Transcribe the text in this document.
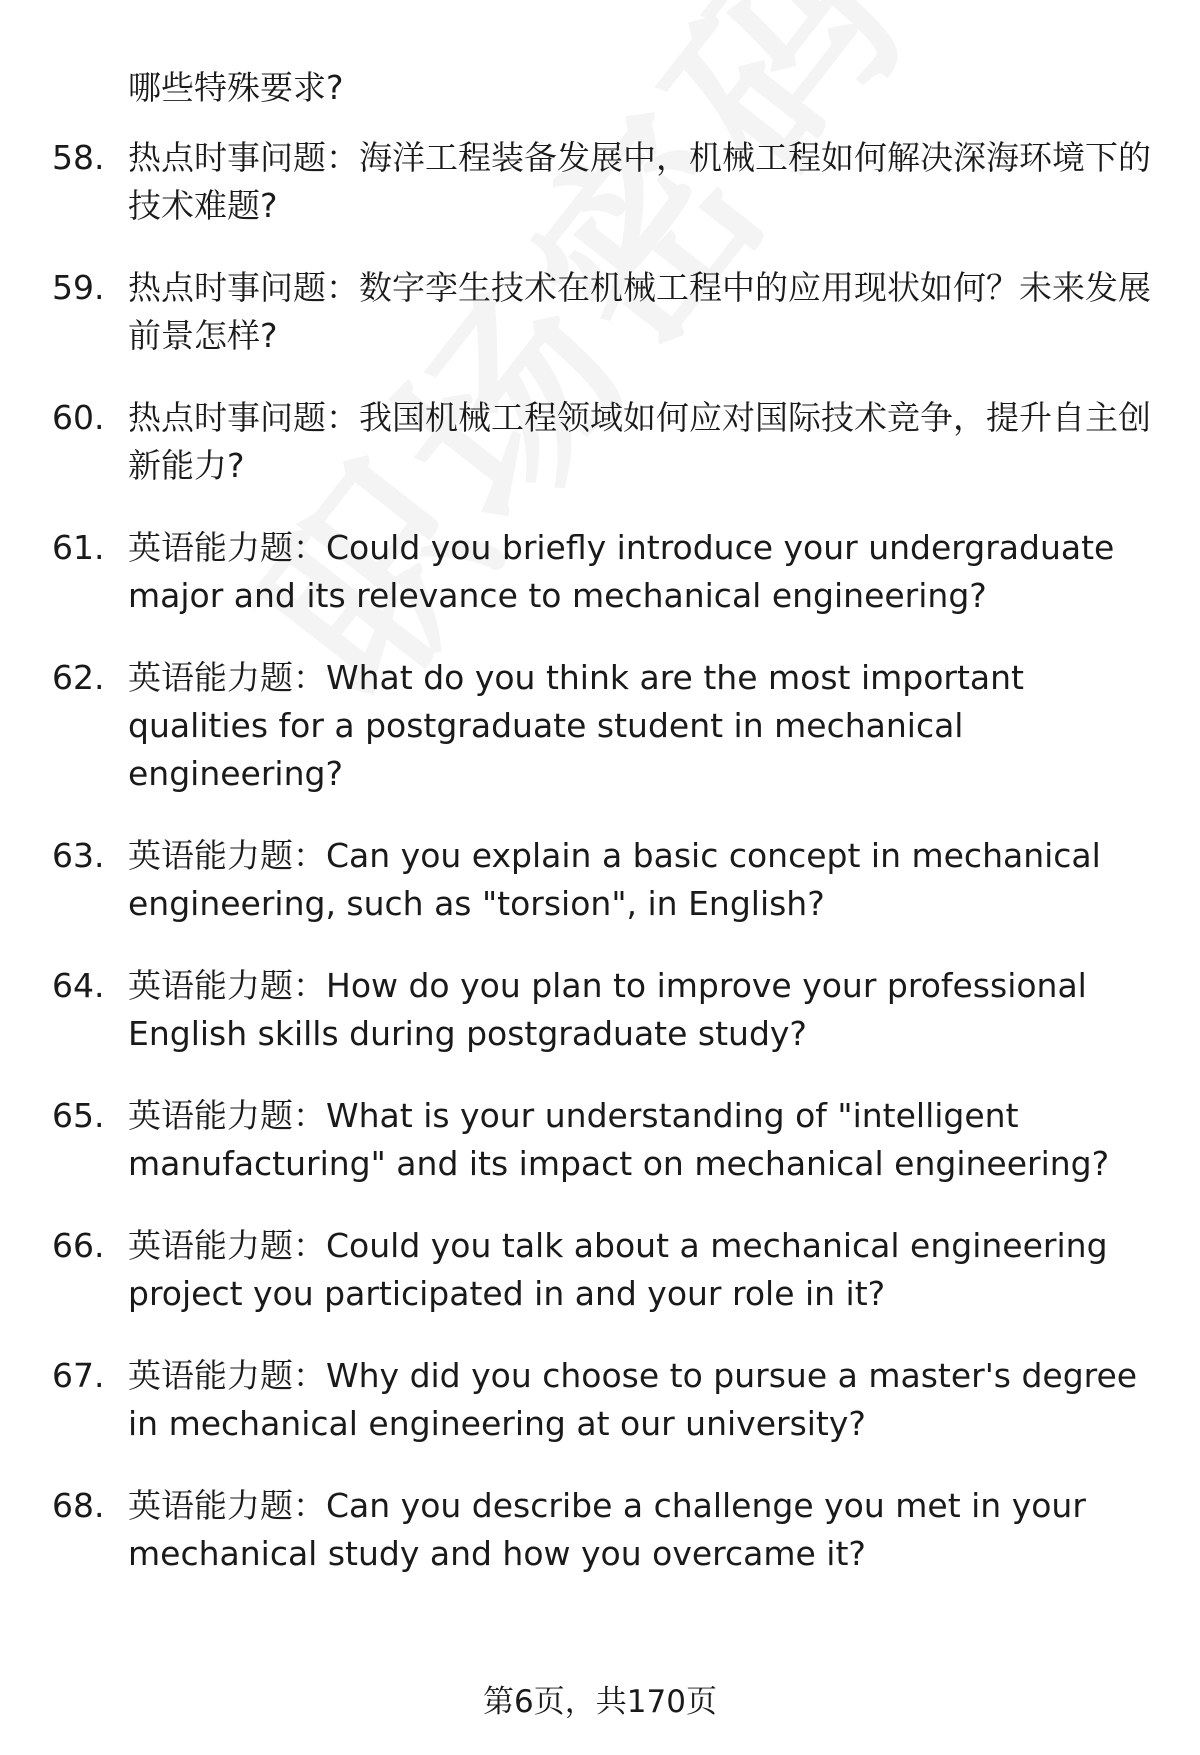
哪些特殊要求?
58. 热点时事问题：海洋工程装备发展中，机械工程如何解决深海环境下的技术难题?
59. 热点时事问题：数字孪生技术在机械工程中的应用现状如何？未来发展前景怎样?
60. 热点时事问题：我国机械工程领域如何应对国际技术竞争，提升自主创新能力?
61. 英语能力题：Could you briefly introduce your undergraduate major and its relevance to mechanical engineering?
62. 英语能力题：What do you think are the most important qualities for a postgraduate student in mechanical engineering?
63. 英语能力题：Can you explain a basic concept in mechanical engineering, such as "torsion", in English?
64. 英语能力题：How do you plan to improve your professional English skills during postgraduate study?
65. 英语能力题：What is your understanding of "intelligent manufacturing" and its impact on mechanical engineering?
66. 英语能力题：Could you talk about a mechanical engineering project you participated in and your role in it?
67. 英语能力题：Why did you choose to pursue a master's degree in mechanical engineering at our university?
68. 英语能力题：Can you describe a challenge you met in your mechanical study and how you overcame it?
第6页，共170页
